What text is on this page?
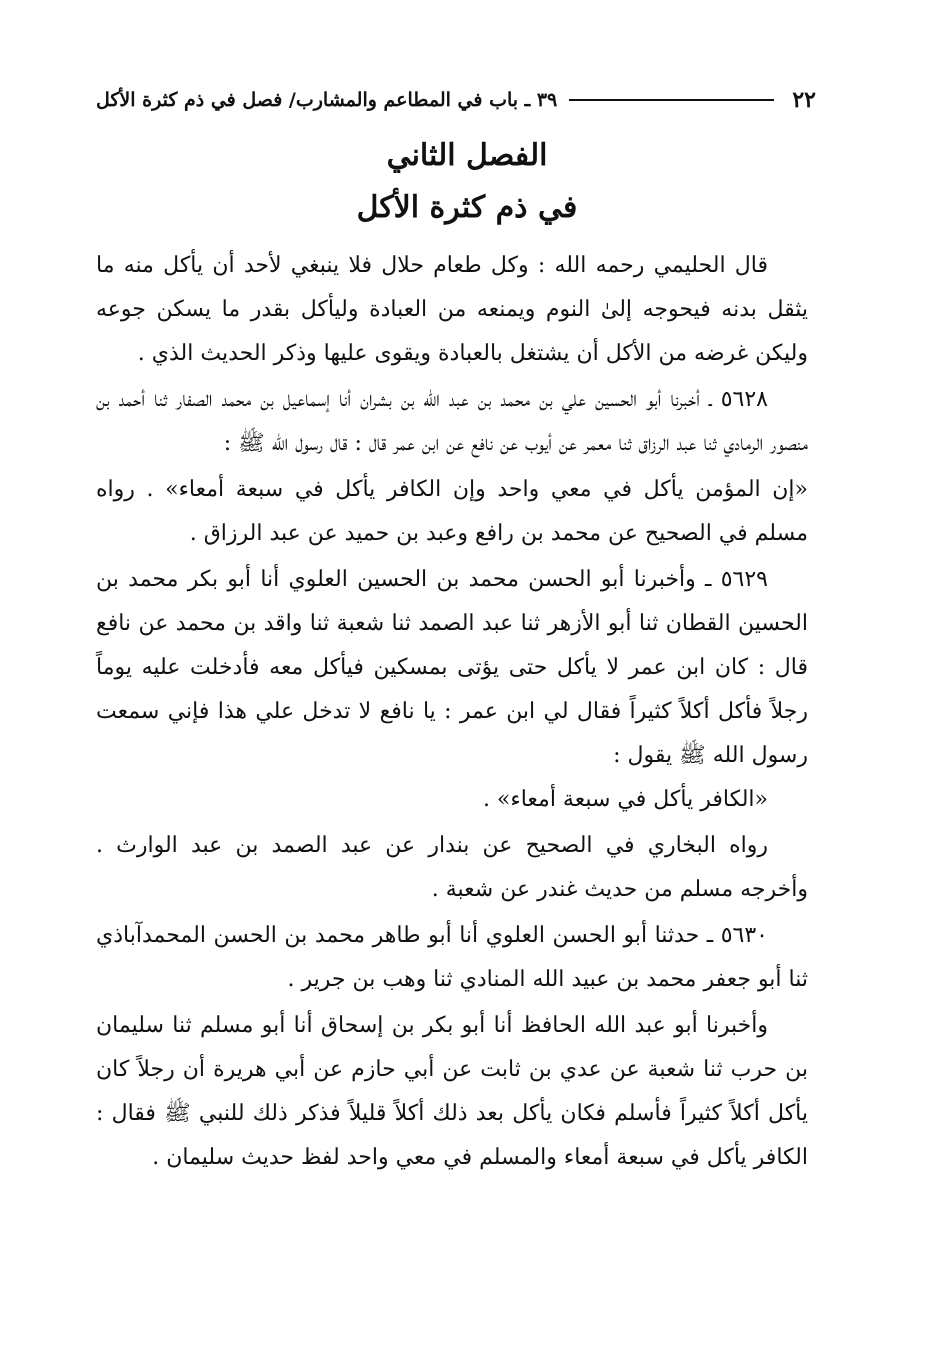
٢٢
٣٩ ـ باب في المطاعم والمشارب/ فصل في ذم كثرة الأكل
الفصل الثاني
في ذم كثرة الأكل

قال الحليمي رحمه الله : وكل طعام حلال فلا ينبغي لأحد أن يأكل منه ما يثقل بدنه فيحوجه إلىٰ النوم ويمنعه من العبادة وليأكل بقدر ما يسكن جوعه وليكن غرضه من الأكل أن يشتغل بالعبادة ويقوى عليها وذكر الحديث الذي .

٥٦٢٨ ـ أخبرنا أبو الحسين علي بن محمد بن عبد الله بن بشران أنا إسماعيل بن محمد الصفار ثنا أحمد بن منصور الرمادي ثنا عبد الرزاق ثنا معمر عن أيوب عن نافع عن ابن عمر قال : قال رسول الله ﷺ :

«إن المؤمن يأكل في معي واحد وإن الكافر يأكل في سبعة أمعاء» . رواه مسلم في الصحيح عن محمد بن رافع وعبد بن حميد عن عبد الرزاق .

٥٦٢٩ ـ وأخبرنا أبو الحسن محمد بن الحسين العلوي أنا أبو بكر محمد بن الحسين القطان ثنا أبو الأزهر ثنا عبد الصمد ثنا شعبة ثنا واقد بن محمد عن نافع قال : كان ابن عمر لا يأكل حتى يؤتى بمسكين فيأكل معه فأدخلت عليه يوماً رجلاً فأكل أكلاً كثيراً فقال لي ابن عمر : يا نافع لا تدخل علي هذا فإني سمعت رسول الله ﷺ يقول :

«الكافر يأكل في سبعة أمعاء» .

رواه البخاري في الصحيح عن بندار عن عبد الصمد بن عبد الوارث . وأخرجه مسلم من حديث غندر عن شعبة .

٥٦٣٠ ـ حدثنا أبو الحسن العلوي أنا أبو طاهر محمد بن الحسن المحمدآباذي ثنا أبو جعفر محمد بن عبيد الله المنادي ثنا وهب بن جرير .

وأخبرنا أبو عبد الله الحافظ أنا أبو بكر بن إسحاق أنا أبو مسلم ثنا سليمان بن حرب ثنا شعبة عن عدي بن ثابت عن أبي حازم عن أبي هريرة أن رجلاً كان يأكل أكلاً كثيراً فأسلم فكان يأكل بعد ذلك أكلاً قليلاً فذكر ذلك للنبي ﷺ فقال : الكافر يأكل في سبعة أمعاء والمسلم في معي واحد لفظ حديث سليمان .
